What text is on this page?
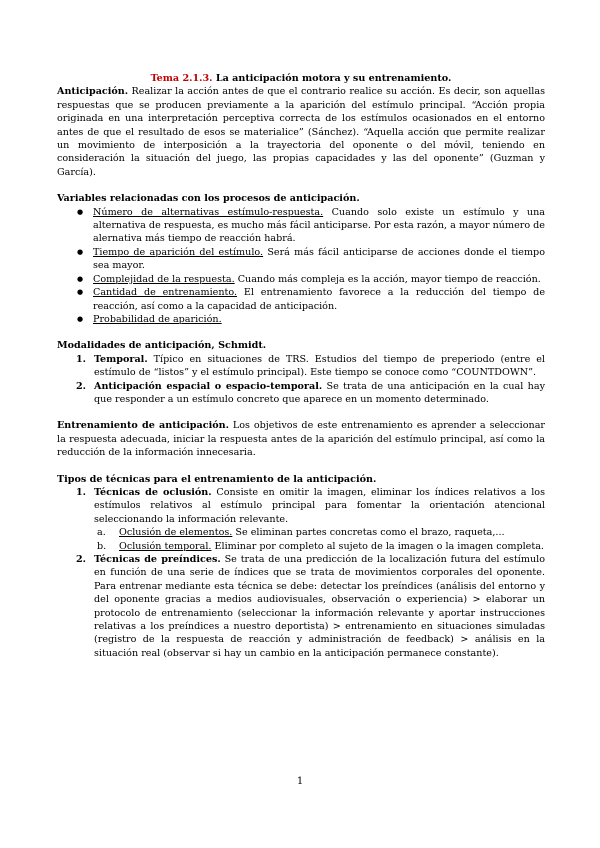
Tema 2.1.3. La anticipación motora y su entrenamiento.

Anticipación. Realizar la acción antes de que el contrario realice su acción. Es decir, son aquellas respuestas que se producen previamente a la aparición del estímulo principal. “Acción propia originada en una interpretación perceptiva correcta de los estímulos ocasionados en el entorno antes de que el resultado de esos se materialice” (Sánchez). “Aquella acción que permite realizar un movimiento de interposición a la trayectoria del oponente o del móvil, teniendo en consideración la situación del juego, las propias capacidades y las del oponente” (Guzman y García).

Variables relacionadas con los procesos de anticipación.

● Número de alternativas estímulo-respuesta. Cuando solo existe un estímulo y una alternativa de respuesta, es mucho más fácil anticiparse. Por esta razón, a mayor número de alernativa más tiempo de reacción habrá.
● Tiempo de aparición del estímulo. Será más fácil anticiparse de acciones donde el tiempo sea mayor.
● Complejidad de la respuesta. Cuando más compleja es la acción, mayor tiempo de reacción.
● Cantidad de entrenamiento. El entrenamiento favorece a la reducción del tiempo de reacción, así como a la capacidad de anticipación.
● Probabilidad de aparición.

Modalidades de anticipación, Schmidt.

1. Temporal. Típico en situaciones de TRS. Estudios del tiempo de preperiodo (entre el estímulo de “listos” y el estímulo principal). Este tiempo se conoce como “COUNTDOWN”.
2. Anticipación espacial o espacio-temporal. Se trata de una anticipación en la cual hay que responder a un estímulo concreto que aparece en un momento determinado.

Entrenamiento de anticipación. Los objetivos de este entrenamiento es aprender a seleccionar la respuesta adecuada, iniciar la respuesta antes de la aparición del estímulo principal, así como la reducción de la información innecesaria.

Tipos de técnicas para el entrenamiento de la anticipación.

1. Técnicas de oclusión. Consiste en omitir la imagen, eliminar los índices relativos a los estímulos relativos al estímulo principal para fomentar la orientación atencional seleccionando la información relevante.
a. Oclusión de elementos. Se eliminan partes concretas como el brazo, raqueta,...
b. Oclusión temporal. Eliminar por completo al sujeto de la imagen o la imagen completa.
2. Técnicas de preíndices. Se trata de una predicción de la localización futura del estímulo en función de una serie de índices que se trata de movimientos corporales del oponente. Para entrenar mediante esta técnica se debe: detectar los preíndices (análisis del entorno y del oponente gracias a medios audiovisuales, observación o experiencia) > elaborar un protocolo de entrenamiento (seleccionar la información relevante y aportar instrucciones relativas a los preíndices a nuestro deportista) > entrenamiento en situaciones simuladas (registro de la respuesta de reacción y administración de feedback) > análisis en la situación real (observar si hay un cambio en la anticipación permanece constante).
1
